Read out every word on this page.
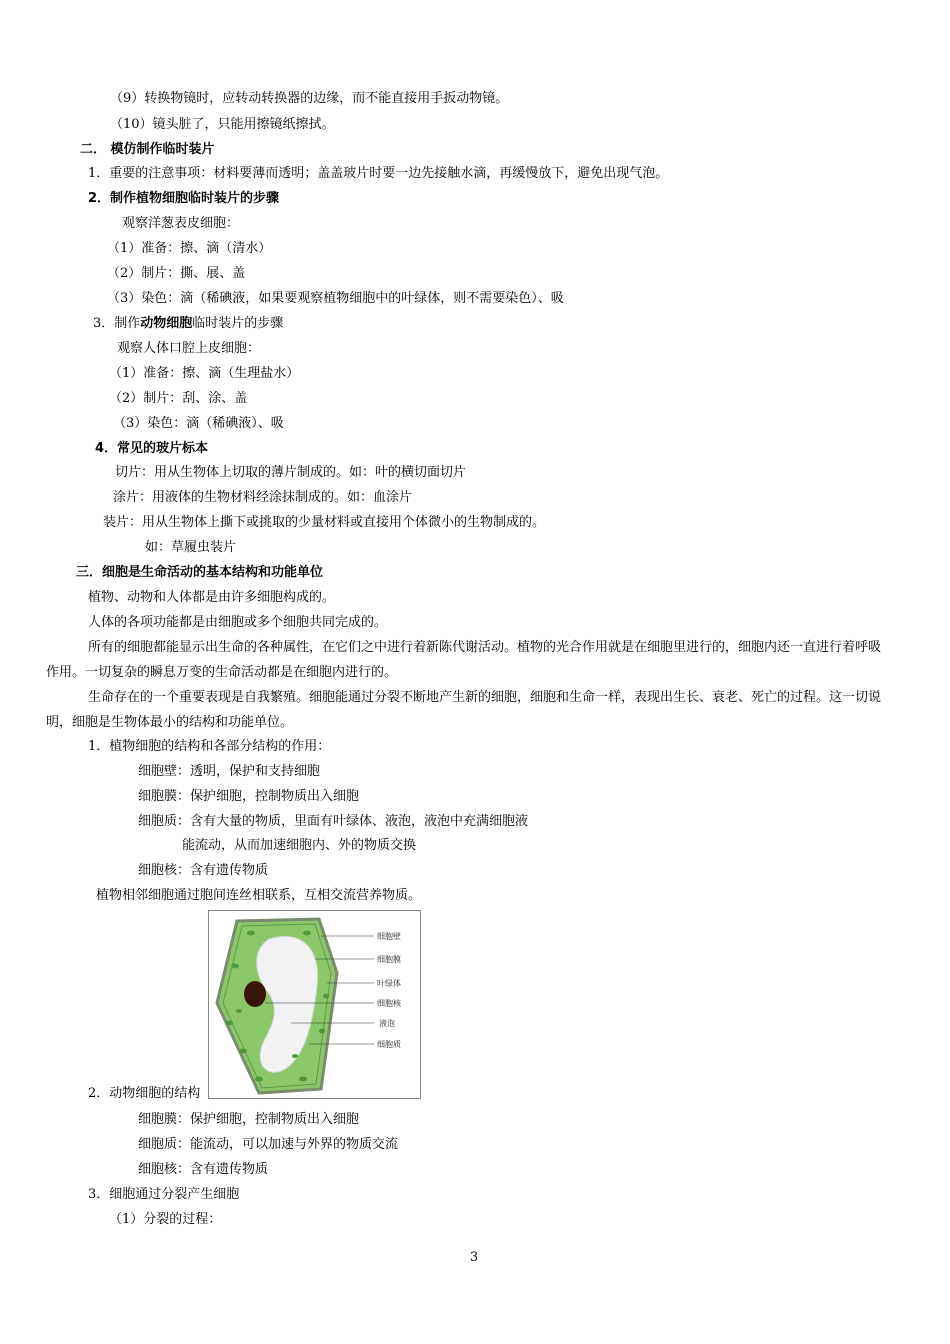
（9）转换物镜时，应转动转换器的边缘，而不能直接用手扳动物镜。
（10）镜头脏了，只能用擦镜纸擦拭。
二． 模仿制作临时装片
1．重要的注意事项：材料要薄而透明；盖盖玻片时要一边先接触水滴，再缓慢放下，避免出现气泡。
2．制作植物细胞临时装片的步骤
观察洋葱表皮细胞：
（1）准备：擦、滴（清水）
（2）制片：撕、展、盖
（3）染色：滴（稀碘液，如果要观察植物细胞中的叶绿体，则不需要染色）、吸
3．制作动物细胞临时装片的步骤
观察人体口腔上皮细胞：
（1）准备：擦、滴（生理盐水）
（2）制片：刮、涂、盖
（3）染色：滴（稀碘液）、吸
4．常见的玻片标本
切片：用从生物体上切取的薄片制成的。如：叶的横切面切片
涂片：用液体的生物材料经涂抹制成的。如：血涂片
装片：用从生物体上撕下或挑取的少量材料或直接用个体微小的生物制成的。
如：草履虫装片
三．细胞是生命活动的基本结构和功能单位
植物、动物和人体都是由许多细胞构成的。
人体的各项功能都是由细胞或多个细胞共同完成的。
所有的细胞都能显示出生命的各种属性，在它们之中进行着新陈代谢活动。植物的光合作用就是在细胞里进行的，细胞内还一直进行着呼吸作用。一切复杂的瞬息万变的生命活动都是在细胞内进行的。
生命存在的一个重要表现是自我繁殖。细胞能通过分裂不断地产生新的细胞，细胞和生命一样，表现出生长、衰老、死亡的过程。这一切说明，细胞是生物体最小的结构和功能单位。
1．植物细胞的结构和各部分结构的作用：
细胞壁：透明，保护和支持细胞
细胞膜：保护细胞，控制物质出入细胞
细胞质：含有大量的物质，里面有叶绿体、液泡，液泡中充满细胞液
能流动，从而加速细胞内、外的物质交换
细胞核：含有遗传物质
植物相邻细胞通过胞间连丝相联系，互相交流营养物质。
细胞壁
细胞膜
叶绿体
细胞核
液泡
细胞质
2．动物细胞的结构
细胞膜：保护细胞，控制物质出入细胞
细胞质：能流动，可以加速与外界的物质交流
细胞核：含有遗传物质
3．细胞通过分裂产生细胞
（1）分裂的过程：
3
